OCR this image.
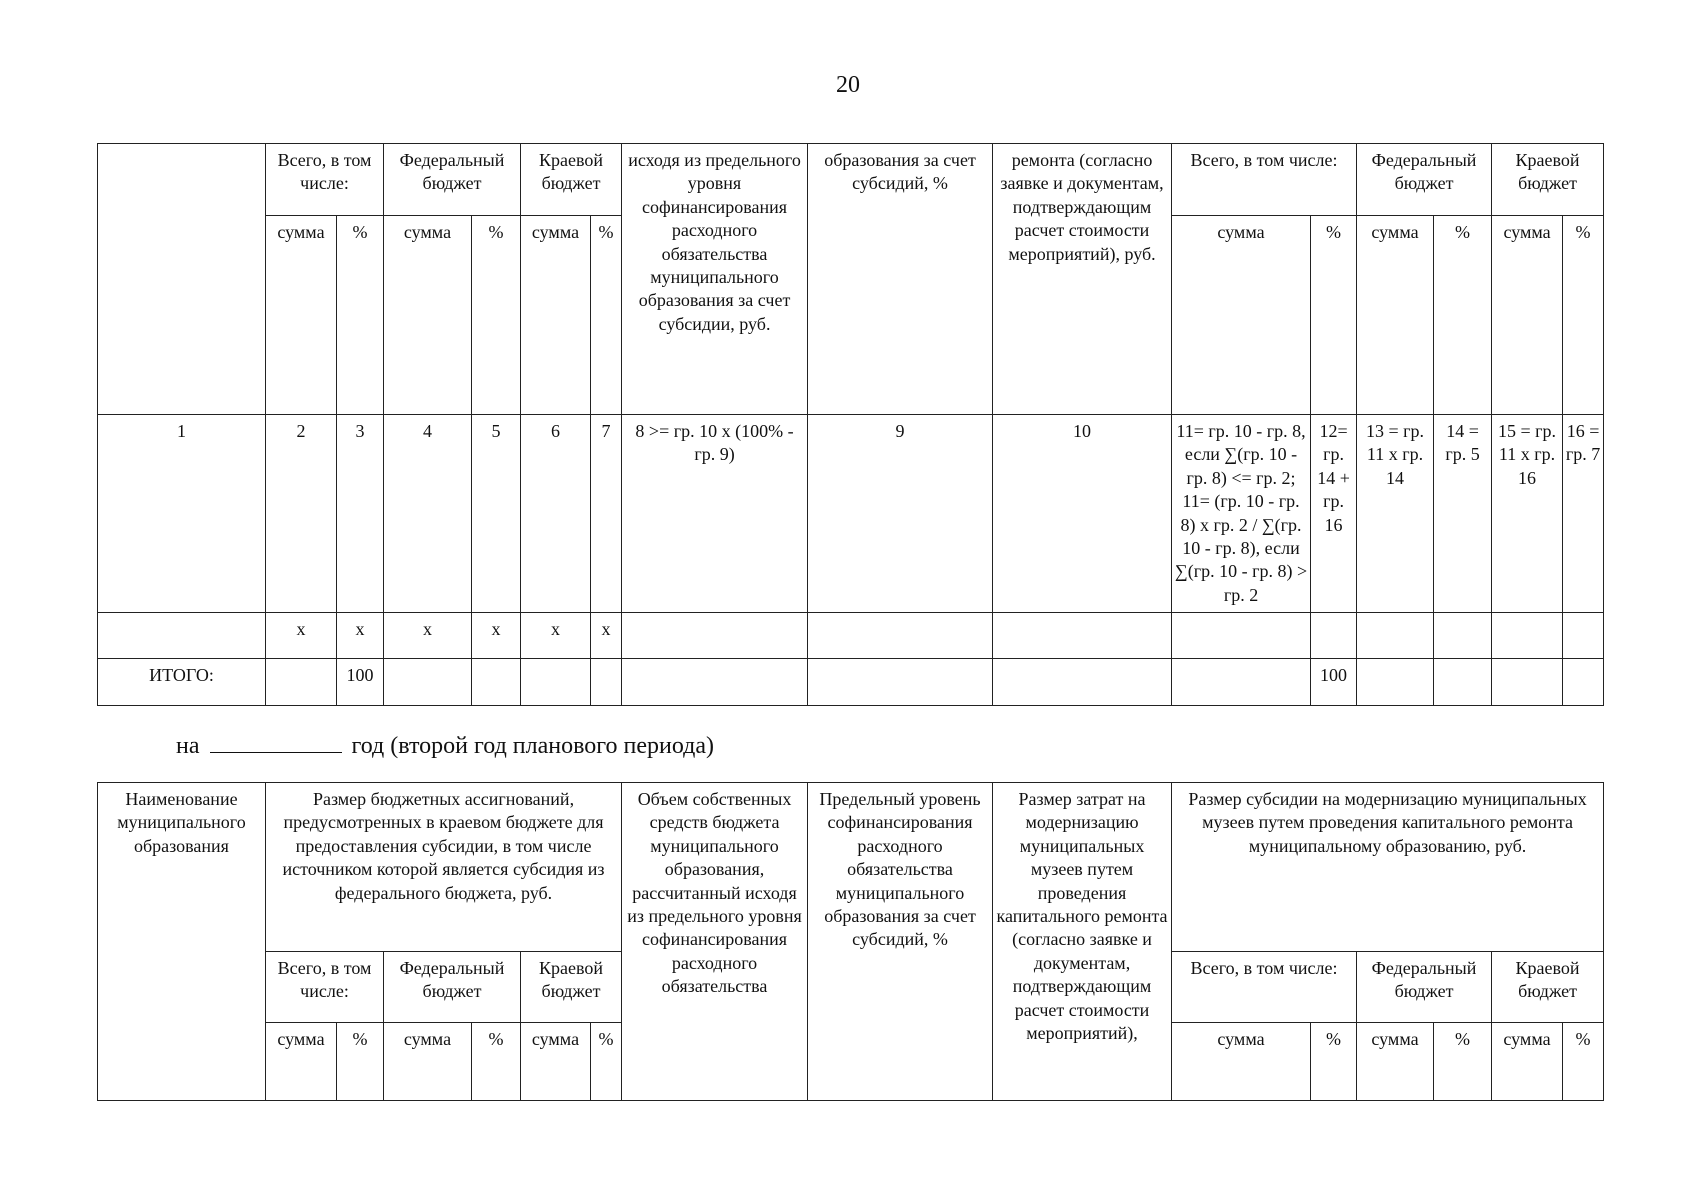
20
	Всего, в том числе:		Федеральный бюджет		Краевой бюджет		исходя из предельного уровня софинансирования расходного обязательства муниципального образования за счет субсидии, руб.	образования за счет субсидий, %	ремонта (согласно заявке и документам, подтверждающим расчет стоимости мероприятий), руб.	Всего, в том числе:		Федеральный бюджет		Краевой бюджет	
	сумма	%	сумма	%	сумма	%				сумма	%	сумма	%	сумма	%
1	2	3	4	5	6	7	8 >= гр. 10 x (100% - гр. 9)	9	10	11= гр. 10 - гр. 8, если ∑(гр. 10 - гр. 8) <= гр. 2; 11= (гр. 10 - гр. 8) x гр. 2 / ∑(гр. 10 - гр. 8), если ∑(гр. 10 - гр. 8) > гр. 2	12= гр. 14 + гр. 16	13 = гр. 11 x гр. 14	14 = гр. 5	15 = гр. 11 x гр. 16	16 = гр. 7
	x	x	x	x	x	x									
ИТОГО:		100									100				
на	год (второй год планового периода)
Наименование муниципального образования	Размер бюджетных ассигнований, предусмотренных в краевом бюджете для предоставления субсидии, в том числе источником которой является субсидия из федерального бюджета, руб.						Объем собственных средств бюджета муниципального образования, рассчитанный исходя из предельного уровня софинансирования расходного обязательства	Предельный уровень софинансирования расходного обязательства муниципального образования за счет субсидий, %	Размер затрат на модернизацию муниципальных музеев путем проведения капитального ремонта (согласно заявке и документам, подтверждающим расчет стоимости мероприятий),	Размер субсидии на модернизацию муниципальных музеев путем проведения капитального ремонта муниципальному образованию, руб.					
	Всего, в том числе:		Федеральный бюджет		Краевой бюджет					Всего, в том числе:		Федеральный бюджет		Краевой бюджет	
	сумма	%	сумма	%	сумма	%				сумма	%	сумма	%	сумма	%
